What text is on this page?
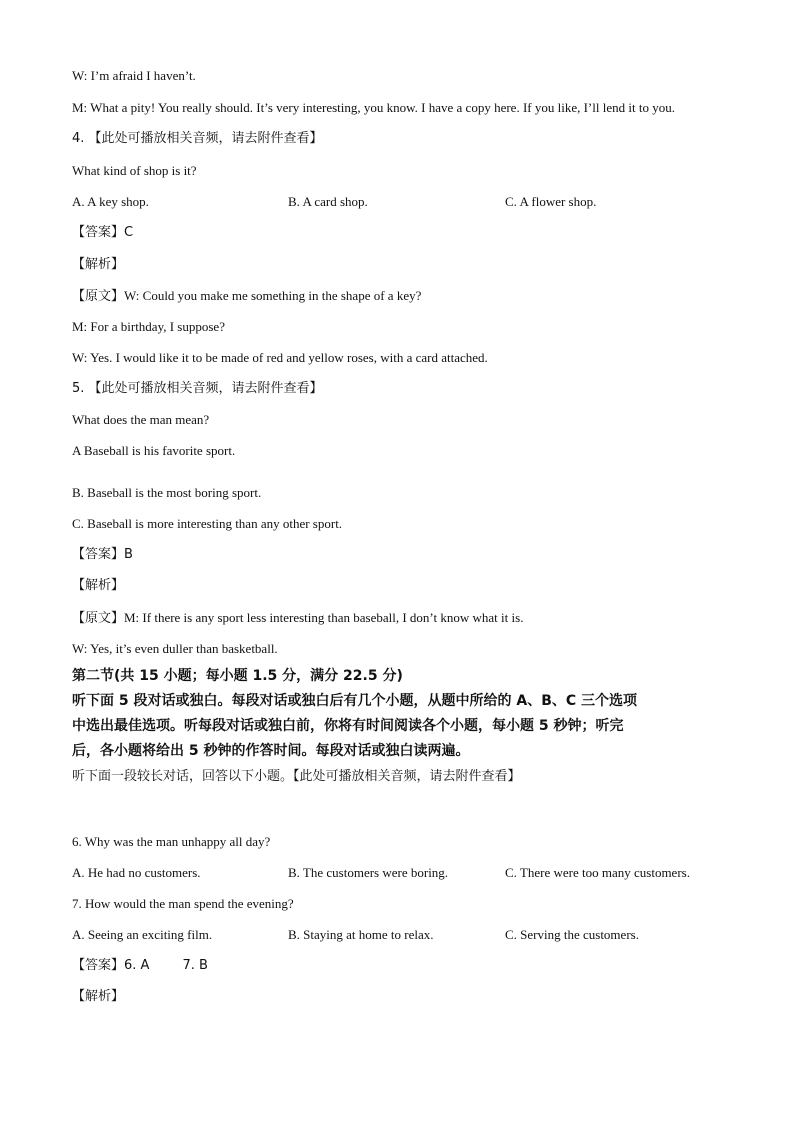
W: I’m afraid I haven’t.
M: What a pity! You really should. It’s very interesting, you know. I have a copy here. If you like, I’ll lend it to you.
4. 【此处可播放相关音频，请去附件查看】
What kind of shop is it?
A. A key shop.	B. A card shop.	C. A flower shop.
【答案】C
【解析】
【原文】W: Could you make me something in the shape of a key?
M: For a birthday, I suppose?
W: Yes. I would like it to be made of red and yellow roses, with a card attached.
5. 【此处可播放相关音频，请去附件查看】
What does the man mean?
A Baseball is his favorite sport.
B. Baseball is the most boring sport.
C. Baseball is more interesting than any other sport.
【答案】B
【解析】
【原文】M: If there is any sport less interesting than baseball, I don’t know what it is.
W: Yes, it’s even duller than basketball.
第二节(共 15 小题；每小题 1.5 分，满分 22.5 分)
听下面 5 段对话或独白。每段对话或独白后有几个小题，从题中所给的 A、B、C 三个选项
中选出最佳选项。听每段对话或独白前，你将有时间阅读各个小题，每小题 5 秒钟；听完
后，各小题将给出 5 秒钟的作答时间。每段对话或独白读两遍。
听下面一段较长对话，回答以下小题。【此处可播放相关音频，请去附件查看】
6. Why was the man unhappy all day?
A. He had no customers.	B. The customers were boring.	C. There were too many customers.
7. How would the man spend the evening?
A. Seeing an exciting film.	B. Staying at home to relax.	C. Serving the customers.
【答案】6. A        7. B
【解析】
